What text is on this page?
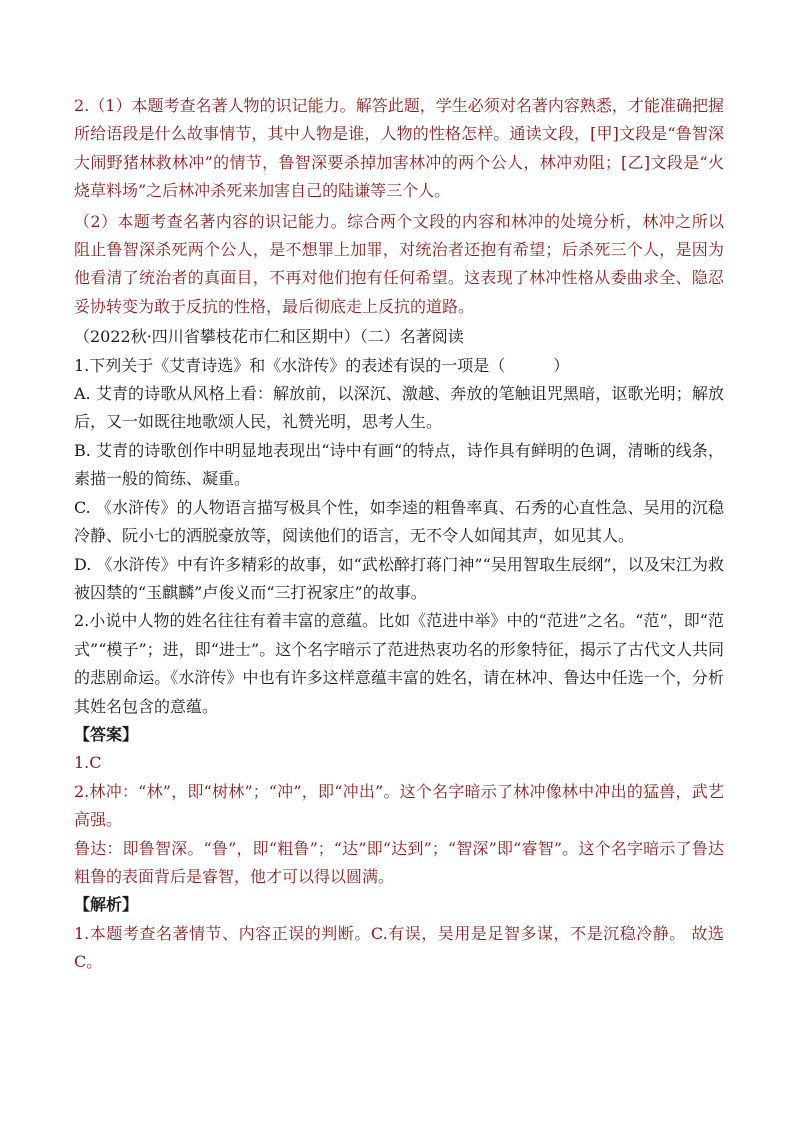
2.（1）本题考查名著人物的识记能力。解答此题，学生必须对名著内容熟悉，才能准确把握所给语段是什么故事情节，其中人物是谁，人物的性格怎样。通读文段，[甲]文段是“鲁智深大闹野猪林救林冲”的情节，鲁智深要杀掉加害林冲的两个公人，林冲劝阻；[乙]文段是“火烧草料场”之后林冲杀死来加害自己的陆谦等三个人。

（2）本题考查名著内容的识记能力。综合两个文段的内容和林冲的处境分析，林冲之所以阻止鲁智深杀死两个公人，是不想罪上加罪，对统治者还抱有希望；后杀死三个人，是因为他看清了统治者的真面目，不再对他们抱有任何希望。这表现了林冲性格从委曲求全、隐忍妥协转变为敢于反抗的性格，最后彻底走上反抗的道路。

（2022秋·四川省攀枝花市仁和区期中）（二）名著阅读

1.下列关于《艾青诗选》和《水浒传》的表述有误的一项是（　　　）

A. 艾青的诗歌从风格上看：解放前，以深沉、激越、奔放的笔触诅咒黑暗，讴歌光明；解放后，又一如既往地歌颂人民，礼赞光明，思考人生。

B. 艾青的诗歌创作中明显地表现出“诗中有画“的特点，诗作具有鲜明的色调，清晰的线条，素描一般的简练、凝重。

C. 《水浒传》的人物语言描写极具个性，如李逵的粗鲁率真、石秀的心直性急、吴用的沉稳冷静、阮小七的洒脱豪放等，阅读他们的语言，无不令人如闻其声，如见其人。

D. 《水浒传》中有许多精彩的故事，如“武松醉打蒋门神”“吴用智取生辰纲”，以及宋江为救被囚禁的“玉麒麟”卢俊义而“三打祝家庄”的故事。

2.小说中人物的姓名往往有着丰富的意蕴。比如《范进中举》中的“范进”之名。“范”，即“范式”“模子”；进，即“进士”。这个名字暗示了范进热衷功名的形象特征，揭示了古代文人共同的悲剧命运。《水浒传》中也有许多这样意蕴丰富的姓名，请在林冲、鲁达中任选一个，分析其姓名包含的意蕴。

【答案】

1.C

2.林冲：“林”，即“树林”；“冲”，即“冲出”。这个名字暗示了林冲像林中冲出的猛兽，武艺高强。

鲁达：即鲁智深。“鲁”，即“粗鲁”；“达”即“达到”；“智深”即“睿智”。这个名字暗示了鲁达粗鲁的表面背后是睿智，他才可以得以圆满。

【解析】

1.本题考查名著情节、内容正误的判断。C.有误，吴用是足智多谋，不是沉稳冷静。 故选C。
